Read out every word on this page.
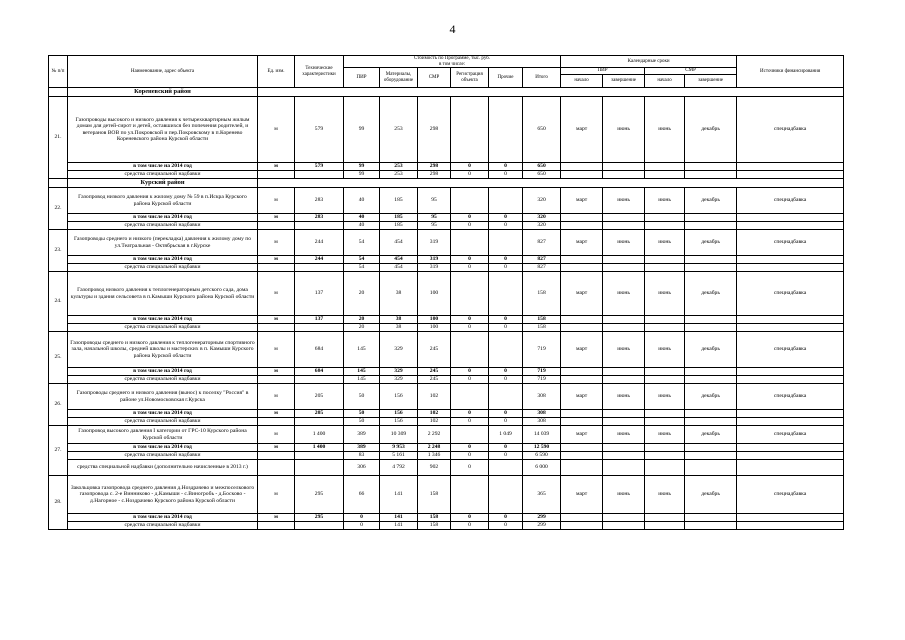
4
№ п/п	Наименование, адрес объекта	Ед. изм.	Технические характеристики	Стоимость по Программе, тыс. руб.
в том числе:						Календарные сроки				Источники финансирования
				ПИР	Материалы, оборудование	СМР	Регистрация объекта	Прочие	Итого	ПИР		СМР		
										начало	завершение	начало	завершение	
	Кореневский район													
21.	Газопроводы высокого и низкого давления к четырехквартирным жилым домам для детей-сирот и детей, оставшихся без попечения родителей, и ветеранов ВОВ по ул.Покровской и пер.Покровскому в п.Коренево Кореневского района Курской области	м	579	99	253	298			650	март	июнь	июнь	декабрь	спецнадбавка
	в том числе на 2014 год	м	579	99	253	298	0	0	650					
	средства специальной надбавки			99	253	298	0	0	650					
	Курский район													
22.	Газопровод низкого давления к жилому дому № 59 в п.Искра Курского района Курской области	м	283	40	185	95			320	март	июнь	июнь	декабрь	спецнадбавка
	в том числе на 2014 год	м	283	40	185	95	0	0	320					
	средства специальной надбавки			40	185	95	0	0	320					
23.	Газопроводы среднего и низкого (перекладка) давления к жилому дому по ул.Театральная - Октябрьская в г.Курске	м	244	54	454	319			827	март	июнь	июнь	декабрь	спецнадбавка
	в том числе на 2014 год	м	244	54	454	319	0	0	827					
	средства специальной надбавки			54	454	319	0	0	827					
24.	Газопровод низкого давления к теплогенераторным детского сада, дома культуры и здания сельсовета в п.Камыши Курского района Курской области	м	137	20	38	100			158	март	июнь	июнь	декабрь	спецнадбавка
	в том числе на 2014 год	м	137	20	38	100	0	0	158					
	средства специальной надбавки			20	38	100	0	0	158					
25.	Газопроводы среднего и низкого давления к теплогенераторным спортивного зала, начальной школы, средней школы и мастерских в п. Камыши Курского района Курской области	м	684	145	329	245			719	март	июнь	июнь	декабрь	спецнадбавка
	в том числе на 2014 год	м	684	145	329	245	0	0	719					
	средства специальной надбавки			145	329	245	0	0	719					
26.	Газопроводы среднего и низкого давления (вынос) к поселку "Россия" в районе ул.Новомосковская г.Курска	м	205	50	156	102			308	март	июнь	июнь	декабрь	спецнадбавка
	в том числе на 2014 год	м	205	50	156	102	0	0	308					
	средства специальной надбавки			50	156	102	0	0	308					
27.	Газопровод высокого давления I категории от ГРС-10 Курского района Курской области	м	1 400	389	10 309	2 292		1 049	14 039	март	июнь	июнь	декабрь	спецнадбавка
	в том числе на 2014 год	м	1 400	389	9 953	2 248	0	0	12 590					
	средства специальной надбавки			83	5 161	1 346	0	0	6 590					
	средства специальной надбавки (дополнительно начисленные в 2013 г.)			306	4 792	902	0		6 000					
28.	Закольцовка газопровода среднего давления д.Ноздрачево и межпоселкового газопровода с. 2-е Винниково - д.Камыши - с.Виногробь - д.Босково - д.Нагорное - с.Ноздрачево Курского района Курской области	м	295	66	141	158			365	март	июнь	июнь	декабрь	спецнадбавка
	в том числе на 2014 год	м	295	0	141	158	0	0	299					
	средства специальной надбавки			0	141	158	0	0	299					
